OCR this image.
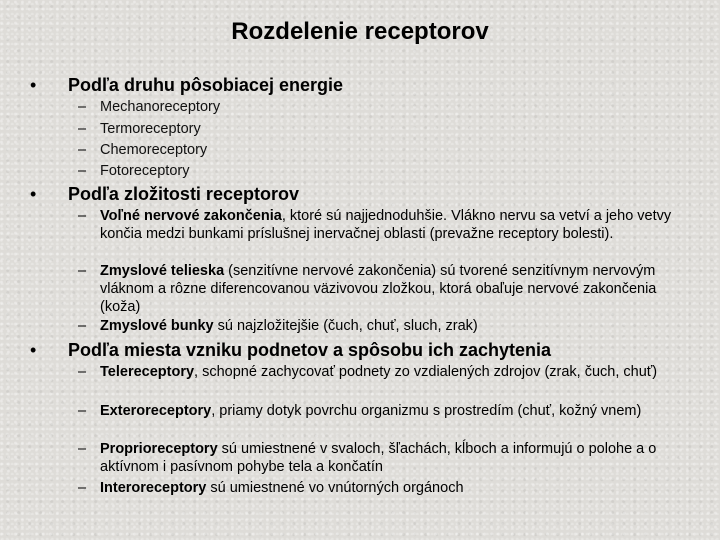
Rozdelenie receptorov
• Podľa druhu pôsobiacej energie
– Mechanoreceptory
– Termoreceptory
– Chemoreceptory
– Fotoreceptory
• Podľa zložitosti receptorov
– Voľné nervové zakončenia, ktoré sú najjednoduhšie. Vlákno nervu sa vetví a jeho vetvy končia medzi bunkami príslušnej inervačnej oblasti (prevažne receptory bolesti).
– Zmyslové telieska (senzitívne nervové zakončenia) sú tvorené senzitívnym nervovým vláknom a rôzne diferencovanou väzivovou zložkou, ktorá obaľuje nervové zakončenia (koža)
– Zmyslové bunky sú najzložitejšie (čuch, chuť, sluch, zrak)
• Podľa miesta vzniku podnetov a spôsobu ich zachytenia
– Telereceptory, schopné zachycovať podnety zo vzdialených zdrojov (zrak, čuch, chuť)
– Exteroreceptory, priamy dotyk povrchu organizmu s prostredím (chuť, kožný vnem)
– Proprioreceptory sú umiestnené v svaloch, šľachách, kĺboch a informujú o polohe a o aktívnom i pasívnom pohybe tela a končatín
– Interoreceptory sú umiestnené vo vnútorných orgánoch
